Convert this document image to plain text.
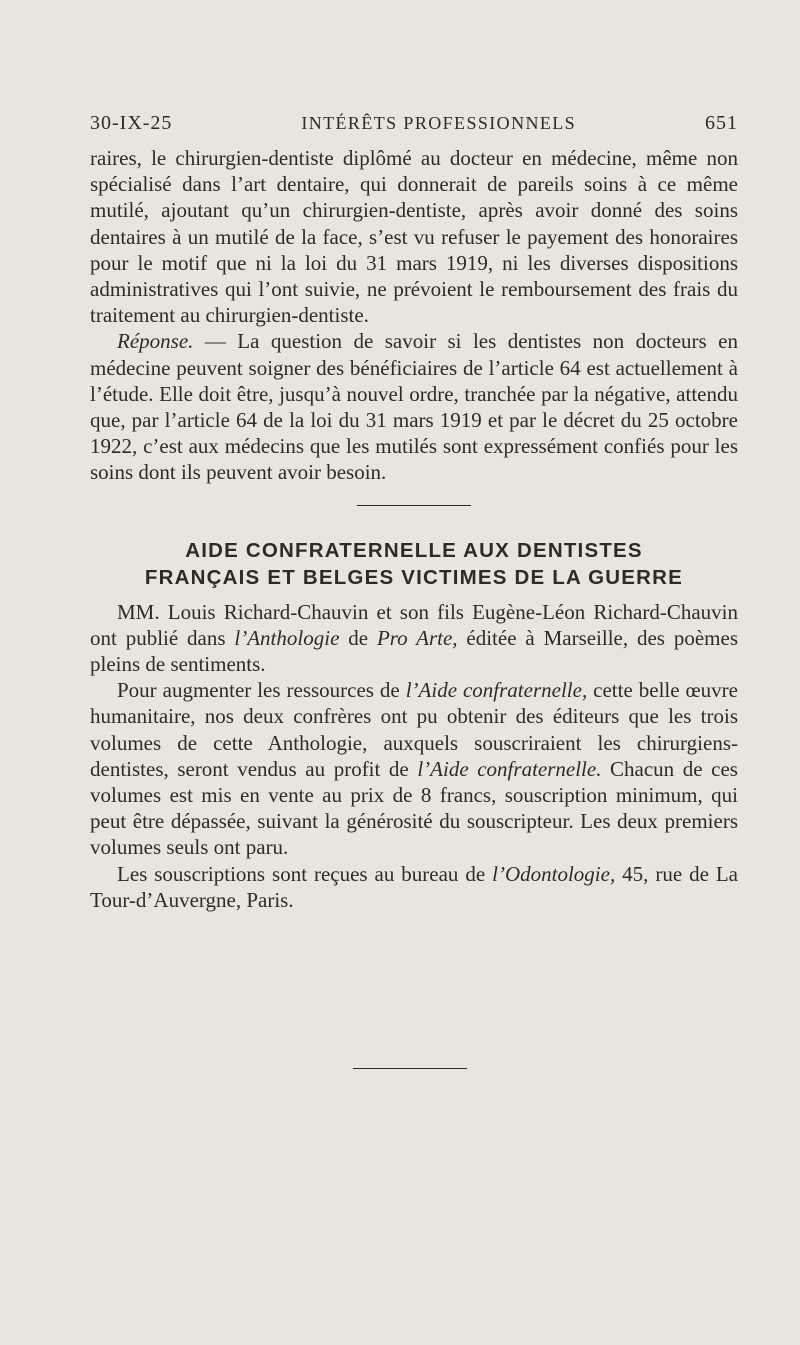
30-IX-25	INTÉRÊTS PROFESSIONNELS	651

raires, le chirurgien-dentiste diplômé au docteur en médecine, même non spécialisé dans l’art dentaire, qui donnerait de pareils soins à ce même mutilé, ajoutant qu’un chirurgien-dentiste, après avoir donné des soins dentaires à un mutilé de la face, s’est vu refuser le payement des honoraires pour le motif que ni la loi du 31 mars 1919, ni les diverses dispositions administratives qui l’ont suivie, ne prévoient le remboursement des frais du traitement au chirurgien-dentiste.

Réponse. — La question de savoir si les dentistes non docteurs en médecine peuvent soigner des bénéficiaires de l’article 64 est actuellement à l’étude. Elle doit être, jusqu’à nouvel ordre, tranchée par la négative, attendu que, par l’article 64 de la loi du 31 mars 1919 et par le décret du 25 octobre 1922, c’est aux médecins que les mutilés sont expressément confiés pour les soins dont ils peuvent avoir besoin.

AIDE CONFRATERNELLE AUX DENTISTES
FRANÇAIS ET BELGES VICTIMES DE LA GUERRE

MM. Louis Richard-Chauvin et son fils Eugène-Léon Richard-Chauvin ont publié dans l’Anthologie de Pro Arte, éditée à Marseille, des poèmes pleins de sentiments.

Pour augmenter les ressources de l’Aide confraternelle, cette belle œuvre humanitaire, nos deux confrères ont pu obtenir des éditeurs que les trois volumes de cette Anthologie, auxquels souscriraient les chirurgiens-dentistes, seront vendus au profit de l’Aide confraternelle. Chacun de ces volumes est mis en vente au prix de 8 francs, souscription minimum, qui peut être dépassée, suivant la générosité du souscripteur. Les deux premiers volumes seuls ont paru.

Les souscriptions sont reçues au bureau de l’Odontologie, 45, rue de La Tour-d’Auvergne, Paris.
